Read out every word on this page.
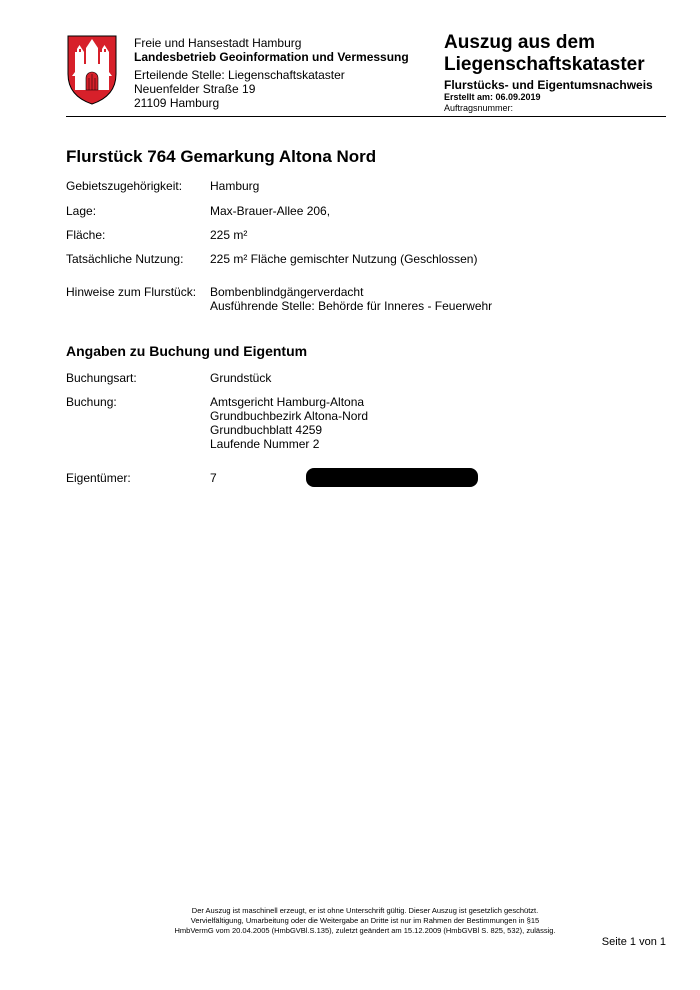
Freie und Hansestadt Hamburg
Landesbetrieb Geoinformation und Vermessung
Erteilende Stelle: Liegenschaftskataster
Neuenfelder Straße 19
21109 Hamburg
Auszug aus dem
Liegenschaftskataster
Flurstücks- und Eigentumsnachweis
Erstellt am: 06.09.2019
Auftragsnummer:
Flurstück 764 Gemarkung Altona Nord
Gebietszugehörigkeit: Hamburg
Lage:	Max-Brauer-Allee 206,
Fläche:	225 m²
Tatsächliche Nutzung: 225 m² Fläche gemischter Nutzung (Geschlossen)
Hinweise zum Flurstück: Bombenblindgängerverdacht
Ausführende Stelle: Behörde für Inneres - Feuerwehr
Angaben zu Buchung und Eigentum
Buchungsart:	Grundstück
Buchung:	Amtsgericht Hamburg-Altona
Grundbuchbezirk Altona-Nord
Grundbuchblatt 4259
Laufende Nummer 2
Eigentümer:	7
Der Auszug ist maschinell erzeugt, er ist ohne Unterschrift gültig. Dieser Auszug ist gesetzlich geschützt.
Vervielfältigung, Umarbeitung oder die Weitergabe an Dritte ist nur im Rahmen der Bestimmungen in §15
HmbVermG vom 20.04.2005 (HmbGVBl.S.135), zuletzt geändert am 15.12.2009 (HmbGVBl S. 825, 532), zulässig.
Seite 1 von 1
